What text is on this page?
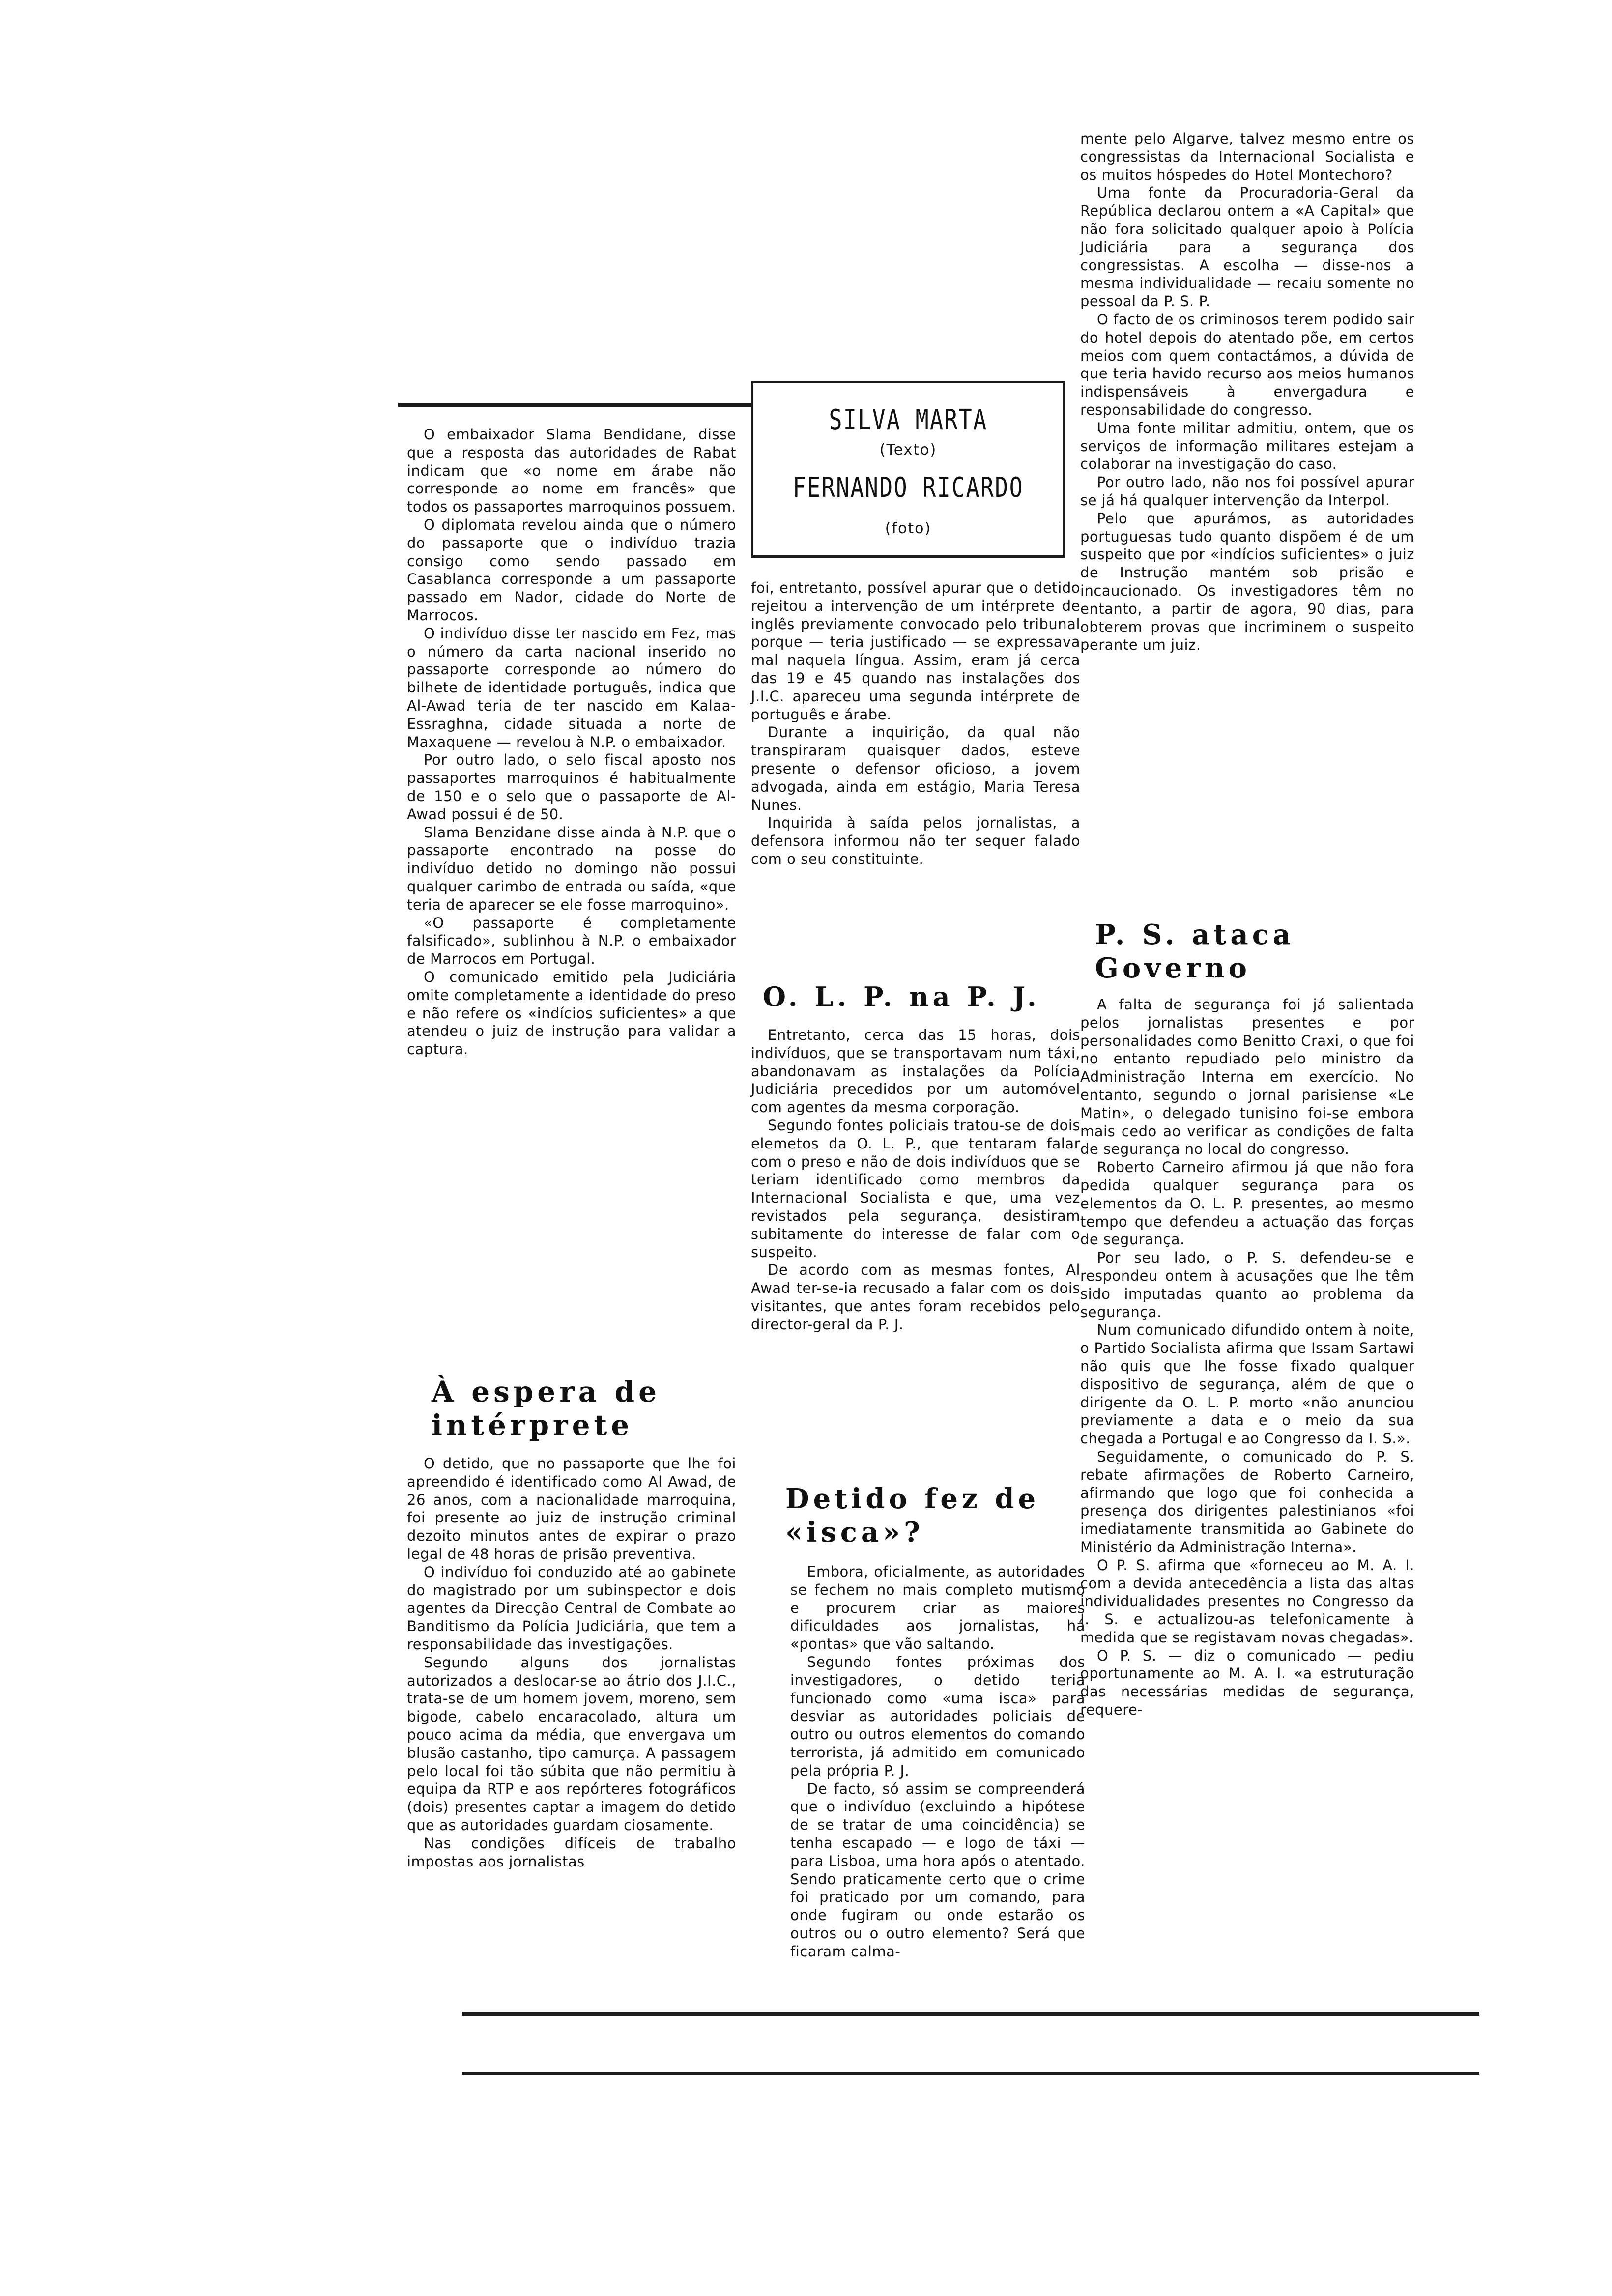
SILVA MARTA
(Texto)
FERNANDO RICARDO
(foto)

O embaixador Slama Bendidane, disse que a resposta das autoridades de Rabat indicam que «o nome em árabe não corresponde ao nome em francês» que todos os passaportes marroquinos possuem.

O diplomata revelou ainda que o número do passaporte que o indivíduo trazia consigo como sendo passado em Casablanca corresponde a um passaporte passado em Nador, cidade do Norte de Marrocos.

O indivíduo disse ter nascido em Fez, mas o número da carta nacional inserido no passaporte corresponde ao número do bilhete de identidade português, indica que Al-Awad teria de ter nascido em Kalaa-Essraghna, cidade situada a norte de Maxaquene — revelou à N.P. o embaixador.

Por outro lado, o selo fiscal aposto nos passaportes marroquinos é habitualmente de 150 e o selo que o passaporte de Al-Awad possui é de 50.

Slama Benzidane disse ainda à N.P. que o passaporte encontrado na posse do indivíduo detido no domingo não possui qualquer carimbo de entrada ou saída, «que teria de aparecer se ele fosse marroquino».

«O passaporte é completamente falsificado», sublinhou à N.P. o embaixador de Marrocos em Portugal.

O comunicado emitido pela Judiciária omite completamente a identidade do preso e não refere os «indícios suficientes» a que atendeu o juiz de instrução para validar a captura.

À espera de intérprete

O detido, que no passaporte que lhe foi apreendido é identificado como Al Awad, de 26 anos, com a nacionalidade marroquina, foi presente ao juiz de instrução criminal dezoito minutos antes de expirar o prazo legal de 48 horas de prisão preventiva.

O indivíduo foi conduzido até ao gabinete do magistrado por um subinspector e dois agentes da Direcção Central de Combate ao Banditismo da Polícia Judiciária, que tem a responsabilidade das investigações.

Segundo alguns dos jornalistas autorizados a deslocar-se ao átrio dos J.I.C., trata-se de um homem jovem, moreno, sem bigode, cabelo encaracolado, altura um pouco acima da média, que envergava um blusão castanho, tipo camurça. A passagem pelo local foi tão súbita que não permitiu à equipa da RTP e aos repórteres fotográficos (dois) presentes captar a imagem do detido que as autoridades guardam ciosamente.

Nas condições difíceis de trabalho impostas aos jornalistas

foi, entretanto, possível apurar que o detido rejeitou a intervenção de um intérprete de inglês previamente convocado pelo tribunal porque — teria justificado — se expressava mal naquela língua. Assim, eram já cerca das 19 e 45 quando nas instalações dos J.I.C. apareceu uma segunda intérprete de português e árabe.

Durante a inquirição, da qual não transpiraram quaisquer dados, esteve presente o defensor oficioso, a jovem advogada, ainda em estágio, Maria Teresa Nunes.

Inquirida à saída pelos jornalistas, a defensora informou não ter sequer falado com o seu constituinte.

O. L. P. na P. J.

Entretanto, cerca das 15 horas, dois indivíduos, que se transportavam num táxi, abandonavam as instalações da Polícia Judiciária precedidos por um automóvel com agentes da mesma corporação.

Segundo fontes policiais tratou-se de dois elemetos da O. L. P., que tentaram falar com o preso e não de dois indivíduos que se teriam identificado como membros da Internacional Socialista e que, uma vez revistados pela segurança, desistiram subitamente do interesse de falar com o suspeito.

De acordo com as mesmas fontes, Al Awad ter-se-ia recusado a falar com os dois visitantes, que antes foram recebidos pelo director-geral da P. J.

Detido fez de «isca»?

Embora, oficialmente, as autoridades se fechem no mais completo mutismo e procurem criar as maiores dificuldades aos jornalistas, há «pontas» que vão saltando.

Segundo fontes próximas dos investigadores, o detido teria funcionado como «uma isca» para desviar as autoridades policiais de outro ou outros elementos do comando terrorista, já admitido em comunicado pela própria P. J.

De facto, só assim se compreenderá que o indivíduo (excluindo a hipótese de se tratar de uma coincidência) se tenha escapado — e logo de táxi — para Lisboa, uma hora após o atentado. Sendo praticamente certo que o crime foi praticado por um comando, para onde fugiram ou onde estarão os outros ou o outro elemento? Será que ficaram calma-

mente pelo Algarve, talvez mesmo entre os congressistas da Internacional Socialista e os muitos hóspedes do Hotel Montechoro?

Uma fonte da Procuradoria-Geral da República declarou ontem a «A Capital» que não fora solicitado qualquer apoio à Polícia Judiciária para a segurança dos congressistas. A escolha — disse-nos a mesma individualidade — recaiu somente no pessoal da P. S. P.

O facto de os criminosos terem podido sair do hotel depois do atentado põe, em certos meios com quem contactámos, a dúvida de que teria havido recurso aos meios humanos indispensáveis à envergadura e responsabilidade do congresso.

Uma fonte militar admitiu, ontem, que os serviços de informação militares estejam a colaborar na investigação do caso.

Por outro lado, não nos foi possível apurar se já há qualquer intervenção da Interpol.

Pelo que apurámos, as autoridades portuguesas tudo quanto dispõem é de um suspeito que por «indícios suficientes» o juiz de Instrução mantém sob prisão e incaucionado. Os investigadores têm no entanto, a partir de agora, 90 dias, para obterem provas que incriminem o suspeito perante um juiz.

P. S. ataca Governo

A falta de segurança foi já salientada pelos jornalistas presentes e por personalidades como Benitto Craxi, o que foi no entanto repudiado pelo ministro da Administração Interna em exercício. No entanto, segundo o jornal parisiense «Le Matin», o delegado tunisino foi-se embora mais cedo ao verificar as condições de falta de segurança no local do congresso.

Roberto Carneiro afirmou já que não fora pedida qualquer segurança para os elementos da O. L. P. presentes, ao mesmo tempo que defendeu a actuação das forças de segurança.

Por seu lado, o P. S. defendeu-se e respondeu ontem à acusações que lhe têm sido imputadas quanto ao problema da segurança.

Num comunicado difundido ontem à noite, o Partido Socialista afirma que Issam Sartawi não quis que lhe fosse fixado qualquer dispositivo de segurança, além de que o dirigente da O. L. P. morto «não anunciou previamente a data e o meio da sua chegada a Portugal e ao Congresso da I. S.».

Seguidamente, o comunicado do P. S. rebate afirmações de Roberto Carneiro, afirmando que logo que foi conhecida a presença dos dirigentes palestinianos «foi imediatamente transmitida ao Gabinete do Ministério da Administração Interna».

O P. S. afirma que «forneceu ao M. A. I. com a devida antecedência a lista das altas individualidades presentes no Congresso da I. S. e actualizou-as telefonicamente à medida que se registavam novas chegadas».

O P. S. — diz o comunicado — pediu oportunamente ao M. A. I. «a estruturação das necessárias medidas de segurança, requere-
